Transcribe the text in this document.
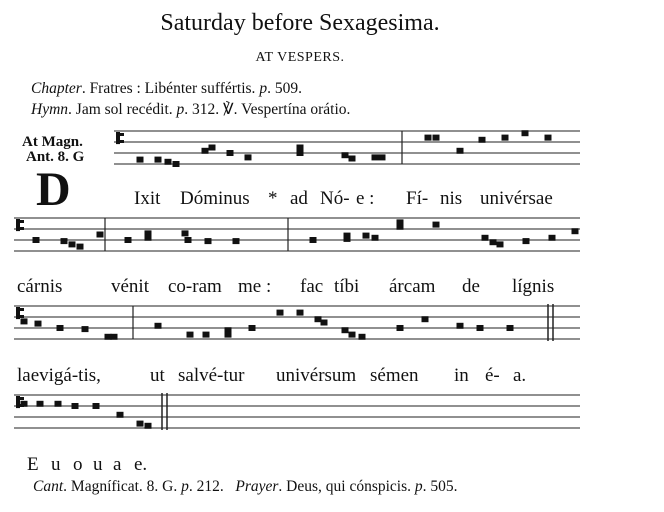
Saturday before Sexagesima.
AT VESPERS.
Chapter. Fratres : Libénter suffértis. p. 509.
Hymn. Jam sol recédit. p. 312. ℣. Vespertína orátio.
At Magn.
Ant. 8. G
D	Ixit Dóminus * ad Nó- e : Fí- nis univérsae
cárnis	vénit co-ram me : fac tíbi árcam de lígnis
laevigá-tis,	ut salvé-tur univérsum sémen in é- a.
E u o u a e.
Cant. Magníficat. 8. G. p. 212. Prayer. Deus, qui cónspicis. p. 505.
